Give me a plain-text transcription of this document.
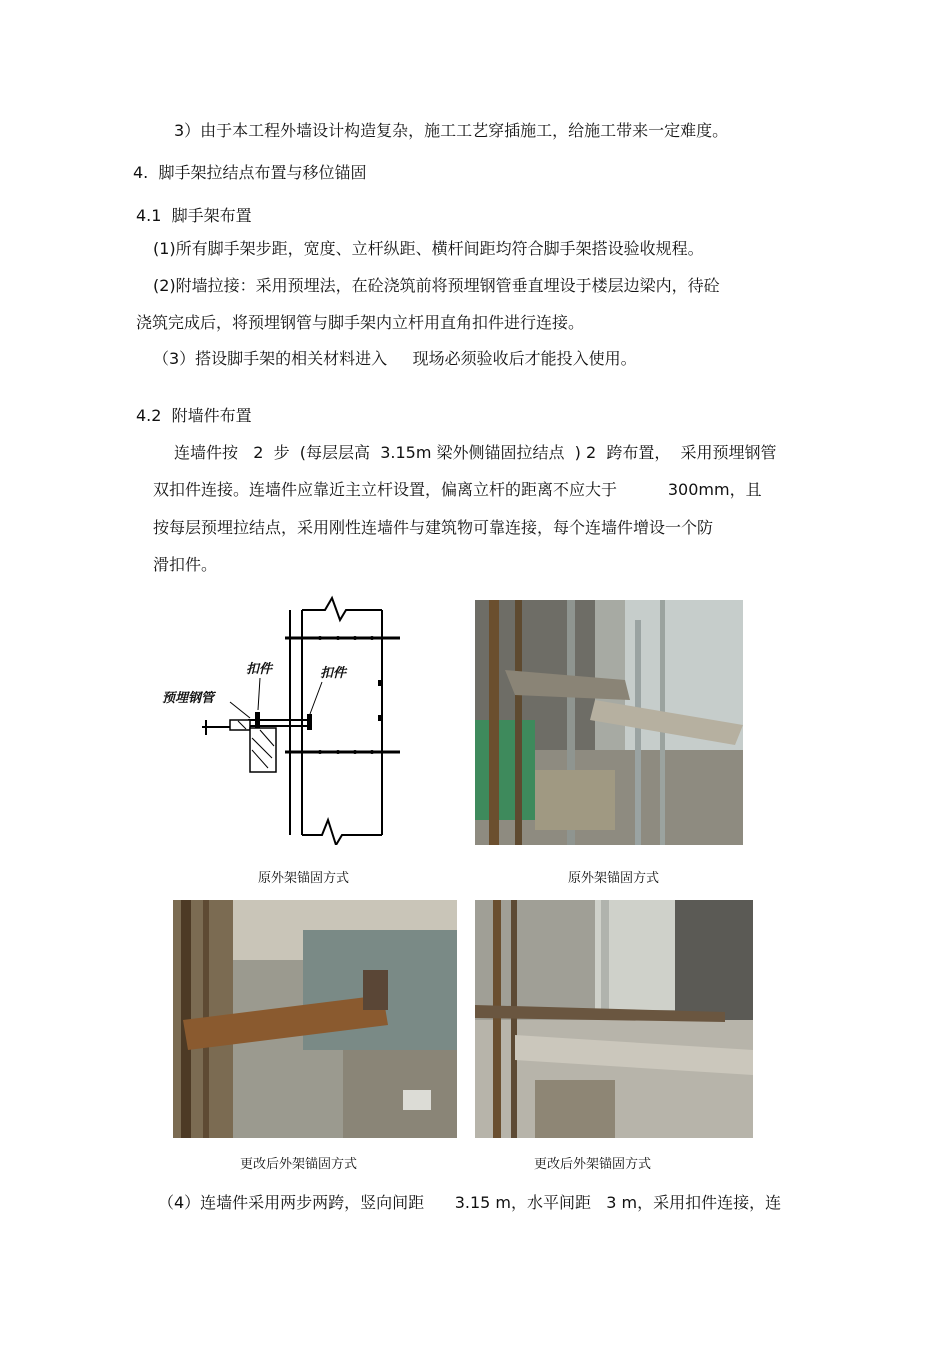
3）由于本工程外墙设计构造复杂，施工工艺穿插施工，给施工带来一定难度。
4.  脚手架拉结点布置与移位锚固
4.1  脚手架布置
(1)所有脚手架步距，宽度、立杆纵距、横杆间距均符合脚手架搭设验收规程。
(2)附墙拉接：采用预埋法，在砼浇筑前将预埋钢管垂直埋设于楼层边梁内，待砼
浇筑完成后，将预埋钢管与脚手架内立杆用直角扣件进行连接。
（3）搭设脚手架的相关材料进入     现场必须验收后才能投入使用。
4.2  附墙件布置
连墙件按   2  步  (每层层高  3.15m 梁外侧锚固拉结点  ) 2  跨布置，  采用预埋钢管
双扣件连接。连墙件应靠近主立杆设置，偏离立杆的距离不应大于          300mm，且
按每层预埋拉结点，采用刚性连墙件与建筑物可靠连接，每个连墙件增设一个防
滑扣件。
预埋钢管
扣件	扣件
原外架锚固方式	原外架锚固方式
更改后外架锚固方式	更改后外架锚固方式
（4）连墙件采用两步两跨，竖向间距      3.15 m，水平间距   3 m，采用扣件连接，连
